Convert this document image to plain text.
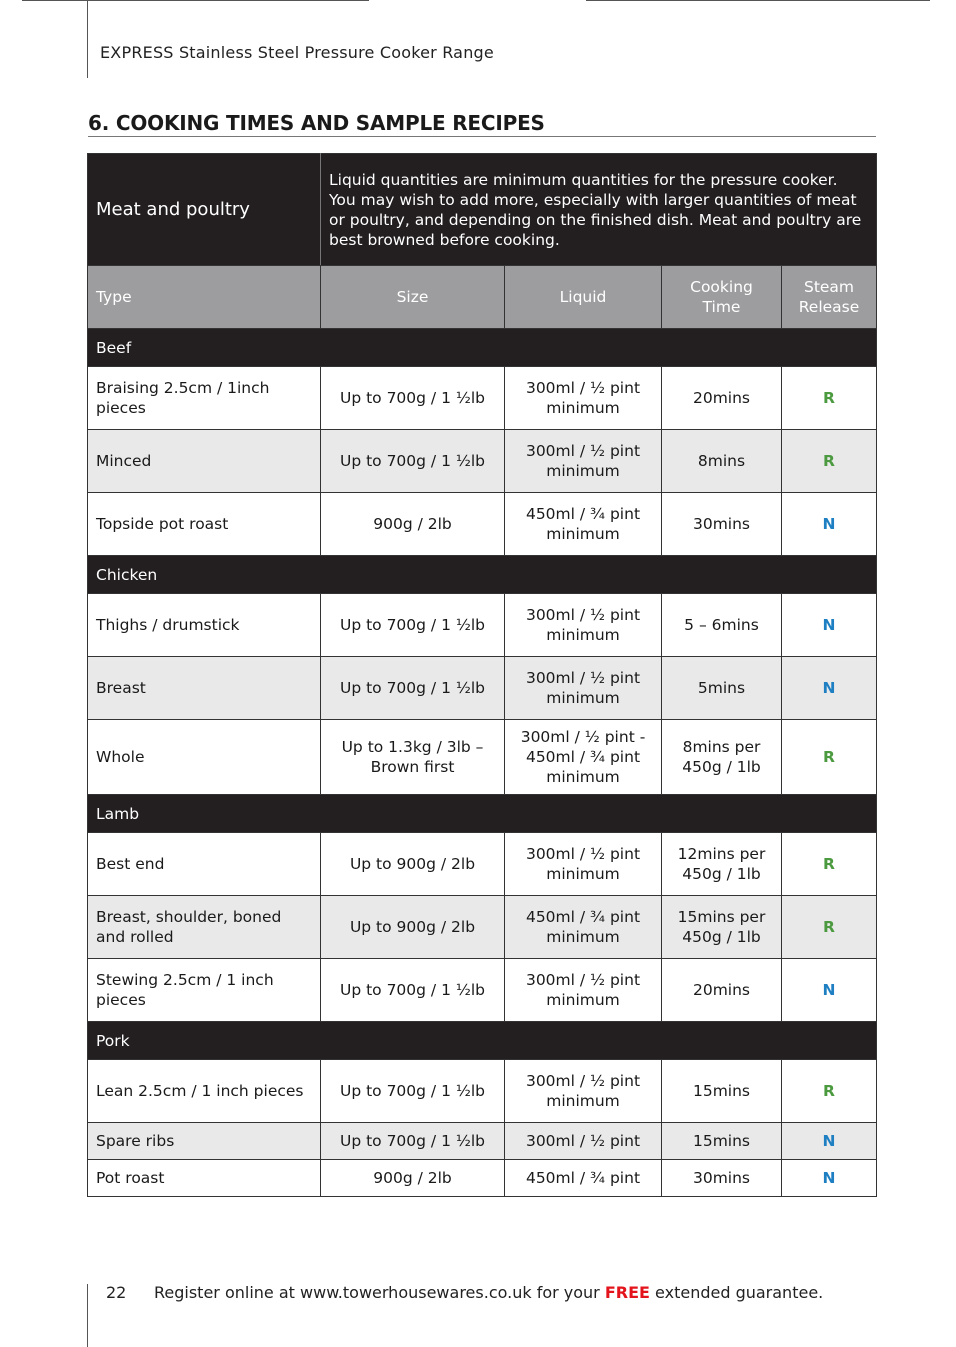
EXPRESS Stainless Steel Pressure Cooker Range
6. COOKING TIMES AND SAMPLE RECIPES
Meat and poultry	Liquid quantities are minimum quantities for the pressure cooker. You may wish to add more, especially with larger quantities of meat or poultry, and depending on the finished dish. Meat and poultry are best browned before cooking.			
Type	Size	Liquid	Cooking Time	Steam Release
Beef				
Braising 2.5cm / 1inch pieces	Up to 700g / 1 ½lb	300ml / ½ pint minimum	20mins	R
Minced	Up to 700g / 1 ½lb	300ml / ½ pint minimum	8mins	R
Topside pot roast	900g / 2lb	450ml / ¾ pint minimum	30mins	N
Chicken				
Thighs / drumstick	Up to 700g / 1 ½lb	300ml / ½ pint minimum	5 – 6mins	N
Breast	Up to 700g / 1 ½lb	300ml / ½ pint minimum	5mins	N
Whole	Up to 1.3kg / 3lb – Brown first	300ml / ½ pint - 450ml / ¾ pint minimum	8mins per 450g / 1lb	R
Lamb				
Best end	Up to 900g / 2lb	300ml / ½ pint minimum	12mins per 450g / 1lb	R
Breast, shoulder, boned and rolled	Up to 900g / 2lb	450ml / ¾ pint minimum	15mins per 450g / 1lb	R
Stewing 2.5cm / 1 inch pieces	Up to 700g / 1 ½lb	300ml / ½ pint minimum	20mins	N
Pork				
Lean 2.5cm / 1 inch pieces	Up to 700g / 1 ½lb	300ml / ½ pint minimum	15mins	R
Spare ribs	Up to 700g / 1 ½lb	300ml / ½ pint	15mins	N
Pot roast	900g / 2lb	450ml / ¾ pint	30mins	N
22 Register online at www.towerhousewares.co.uk for your FREE extended guarantee.
